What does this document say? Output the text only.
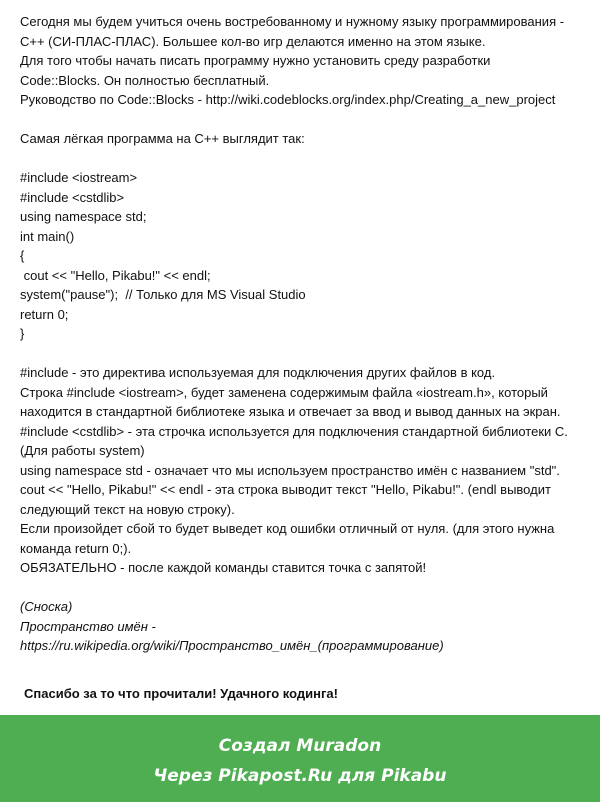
Сегодня мы будем учиться очень востребованному и нужному языку программирования -
С++ (СИ-ПЛАС-ПЛАС). Большее кол-во игр делаются именно на этом языке.
Для того чтобы начать писать программу нужно установить среду разработки
Code::Blocks. Он полностью бесплатный.
Руководство по Code::Blocks - http://wiki.codeblocks.org/index.php/Creating_a_new_project
Самая лёгкая программа на С++ выглядит так:
#include <iostream>
#include <cstdlib>
using namespace std;
int main()
{
cout << "Hello, Pikabu!" << endl;
system("pause");  // Только для MS Visual Studio
return 0;
}
#include - это директива используемая для подключения других файлов в код.
Строка #include <iostream>, будет заменена содержимым файла «iostream.h», который
находится в стандартной библиотеке языка и отвечает за ввод и вывод данных на экран.
#include <cstdlib> - эта строчка используется для подключения стандартной библиотеки С.
(Для работы system)
using namespace std - означает что мы используем пространство имён с названием "std".
cout << "Hello, Pikabu!" << endl - эта строка выводит текст "Hello, Pikabu!". (endl выводит
следующий текст на новую строку).
Если произойдет сбой то будет выведет код ошибки отличный от нуля. (для этого нужна
команда return 0;).
ОБЯЗАТЕЛЬНО - после каждой команды ставится точка с запятой!
(Сноска)
Пространство имён -
https://ru.wikipedia.org/wiki/Пространство_имён_(программирование)
Спасибо за то что прочитали! Удачного кодинга!
Создал Muradon
Через Pikapost.Ru для Pikabu
